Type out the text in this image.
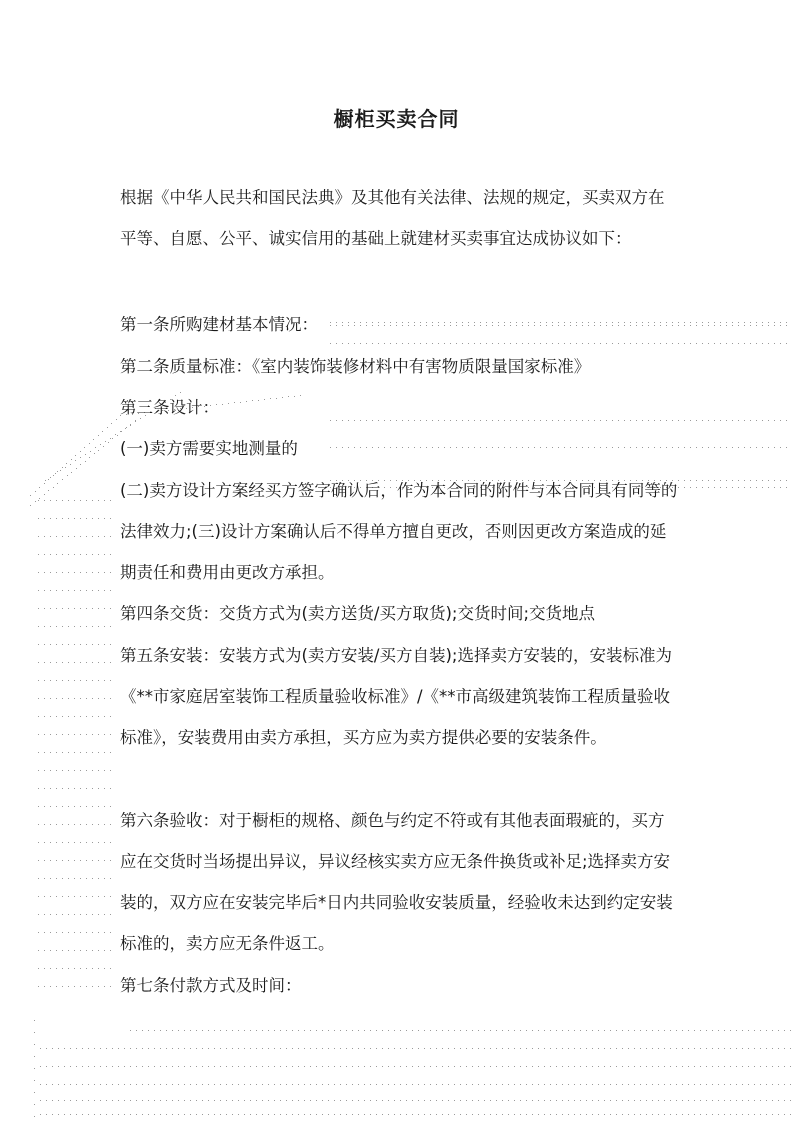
橱柜买卖合同

根据《中华人民共和国民法典》及其他有关法律、法规的规定，买卖双方在平等、自愿、公平、诚实信用的基础上就建材买卖事宜达成协议如下：

第一条所购建材基本情况：

第二条质量标准：《室内装饰装修材料中有害物质限量国家标准》

第三条设计：

(一)卖方需要实地测量的

(二)卖方设计方案经买方签字确认后，作为本合同的附件与本合同具有同等的法律效力;(三)设计方案确认后不得单方擅自更改，否则因更改方案造成的延期责任和费用由更改方承担。

第四条交货：交货方式为(卖方送货/买方取货);交货时间;交货地点

第五条安装：安装方式为(卖方安装/买方自装);选择卖方安装的，安装标准为《**市家庭居室装饰工程质量验收标准》/《**市高级建筑装饰工程质量验收标准》，安装费用由卖方承担，买方应为卖方提供必要的安装条件。

第六条验收：对于橱柜的规格、颜色与约定不符或有其他表面瑕疵的，买方应在交货时当场提出异议，异议经核实卖方应无条件换货或补足;选择卖方安装的，双方应在安装完毕后*日内共同验收安装质量，经验收未达到约定安装标准的，卖方应无条件返工。

第七条付款方式及时间：
